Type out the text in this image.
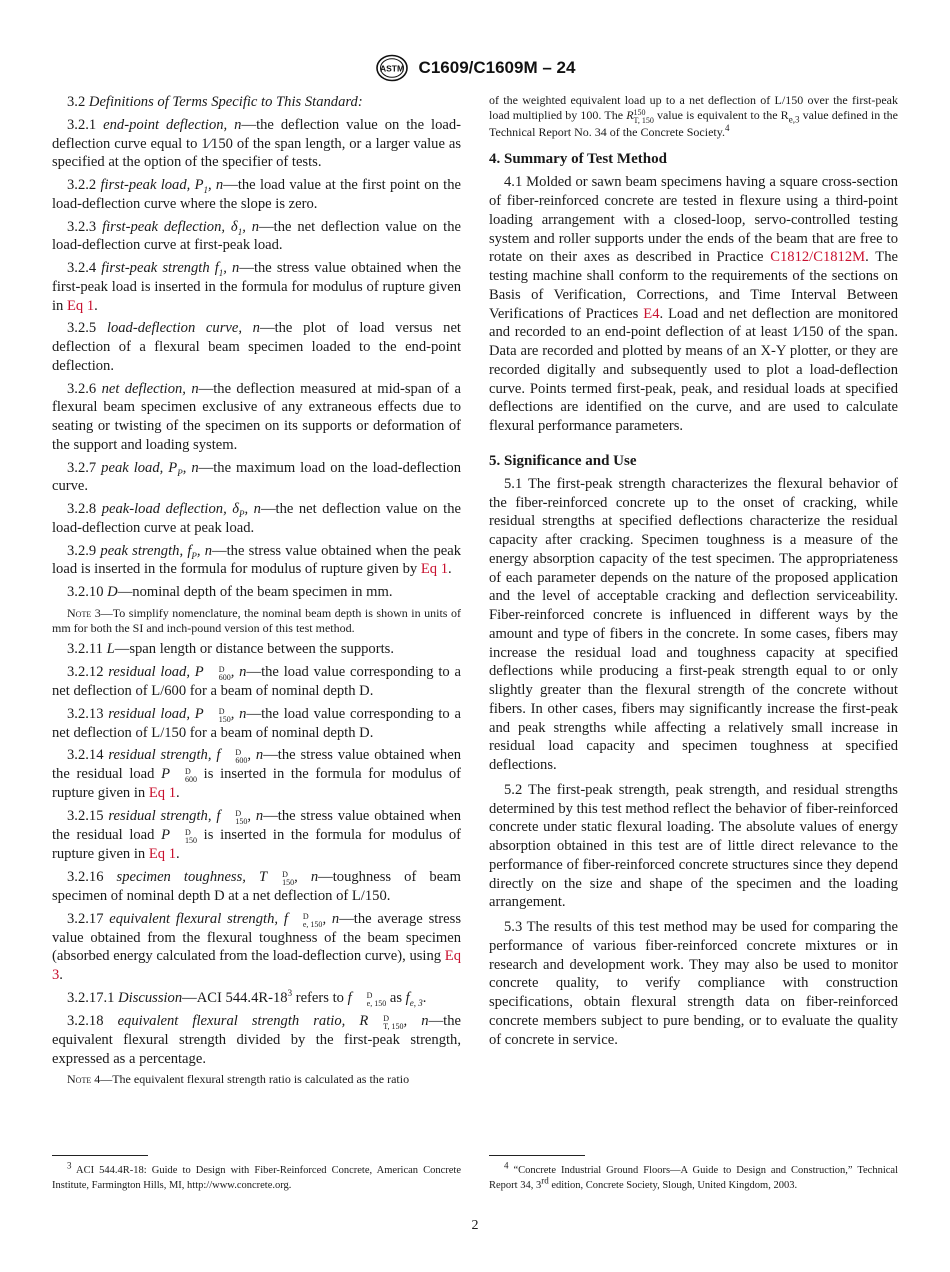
ASTM C1609/C1609M – 24

3.2 Definitions of Terms Specific to This Standard:

3.2.1 end-point deflection, n—the deflection value on the load-deflection curve equal to 1⁄150 of the span length, or a larger value as specified at the option of the specifier of tests.

3.2.2 first-peak load, $P_1$, n—the load value at the first point on the load-deflection curve where the slope is zero.

3.2.3 first-peak deflection, $\delta_1$, n—the net deflection value on the load-deflection curve at first-peak load.

3.2.4 first-peak strength $f_1$, n—the stress value obtained when the first-peak load is inserted in the formula for modulus of rupture given in Eq 1.

3.2.5 load-deflection curve, n—the plot of load versus net deflection of a flexural beam specimen loaded to the end-point deflection.

3.2.6 net deflection, n—the deflection measured at mid-span of a flexural beam specimen exclusive of any extraneous effects due to seating or twisting of the specimen on its supports or deformation of the support and loading system.

3.2.7 peak load, $P_P$, n—the maximum load on the load-deflection curve.

3.2.8 peak-load deflection, $\delta_P$, n—the net deflection value on the load-deflection curve at peak load.

3.2.9 peak strength, $f_P$, n—the stress value obtained when the peak load is inserted in the formula for modulus of rupture given by Eq 1.

3.2.10 D—nominal depth of the beam specimen in mm.

Note 3—To simplify nomenclature, the nominal beam depth is shown in units of mm for both the SI and inch-pound version of this test method.

3.2.11 L—span length or distance between the supports.

3.2.12 residual load, P	D
600 , n—the load value corresponding to a net deflection of L/600 for a beam of nominal depth D.

3.2.13 residual load, P	D
150 , n—the load value corresponding to a net deflection of L/150 for a beam of nominal depth D.

3.2.14 residual strength, f	D
600 , n—the stress value obtained when the residual load P	D
600 is inserted in the formula for modulus of rupture given in Eq 1.

3.2.15 residual strength, f	D
150 , n—the stress value obtained when the residual load P	D
150 is inserted in the formula for modulus of rupture given in Eq 1.

3.2.16 specimen toughness, T	D
150 , n—toughness of beam specimen of nominal depth D at a net deflection of L/150.

3.2.17 equivalent flexural strength, f	D
e, 150 , n—the average stress value obtained from the flexural toughness of the beam specimen (absorbed energy calculated from the load-deflection curve), using Eq 3.

3.2.17.1 Discussion—ACI $544.4R-18^3$ refers to f	D
e, 150 as $f_{e, 3}$.

3.2.18 equivalent flexural strength ratio, R	D
T, 150 , n—the equivalent flexural strength divided by the first-peak strength, expressed as a percentage.

Note 4—The equivalent flexural strength ratio is calculated as the ratio

of the weighted equivalent load up to a net deflection of L/150 over the first-peak load multiplied by 100. The R 150
T, 150 value is equivalent to the $R_{e,3}$ value defined in the Technical Report No. 34 of the Concrete Society.$^4$

4. Summary of Test Method

4.1 Molded or sawn beam specimens having a square cross-section of fiber-reinforced concrete are tested in flexure using a third-point loading arrangement with a closed-loop, servo-controlled testing system and roller supports under the ends of the beam that are free to rotate on their axes as described in Practice C1812/C1812M. The testing machine shall conform to the requirements of the sections on Basis of Verification, Corrections, and Time Interval Between Verifications of Practices E4. Load and net deflection are monitored and recorded to an end-point deflection of at least 1⁄150 of the span. Data are recorded and plotted by means of an X-Y plotter, or they are recorded digitally and subsequently used to plot a load-deflection curve. Points termed first-peak, peak, and residual loads at specified deflections are identified on the curve, and are used to calculate flexural performance parameters.

5. Significance and Use

5.1 The first-peak strength characterizes the flexural behavior of the fiber-reinforced concrete up to the onset of cracking, while residual strengths at specified deflections characterize the residual capacity after cracking. Specimen toughness is a measure of the energy absorption capacity of the test specimen. The appropriateness of each parameter depends on the nature of the proposed application and the level of acceptable cracking and deflection serviceability. Fiber-reinforced concrete is influenced in different ways by the amount and type of fibers in the concrete. In some cases, fibers may increase the residual load and toughness capacity at specified deflections while producing a first-peak strength equal to or only slightly greater than the flexural strength of the concrete without fibers. In other cases, fibers may significantly increase the first-peak and peak strengths while affecting a relatively small increase in residual load capacity and specimen toughness at specified deflections.

5.2 The first-peak strength, peak strength, and residual strengths determined by this test method reflect the behavior of fiber-reinforced concrete under static flexural loading. The absolute values of energy absorption obtained in this test are of little direct relevance to the performance of fiber-reinforced concrete structures since they depend directly on the size and shape of the specimen and the loading arrangement.

5.3 The results of this test method may be used for comparing the performance of various fiber-reinforced concrete mixtures or in research and development work. They may also be used to monitor concrete quality, to verify compliance with construction specifications, obtain flexural strength data on fiber-reinforced concrete members subject to pure bending, or to evaluate the quality of concrete in service.

$^3$ ACI 544.4R-18: Guide to Design with Fiber-Reinforced Concrete, American Concrete Institute, Farmington Hills, MI, http://www.concrete.org.
$^4$ “Concrete Industrial Ground Floors—A Guide to Design and Construction,” Technical Report 34, 3rd edition, Concrete Society, Slough, United Kingdom, 2003.
2
